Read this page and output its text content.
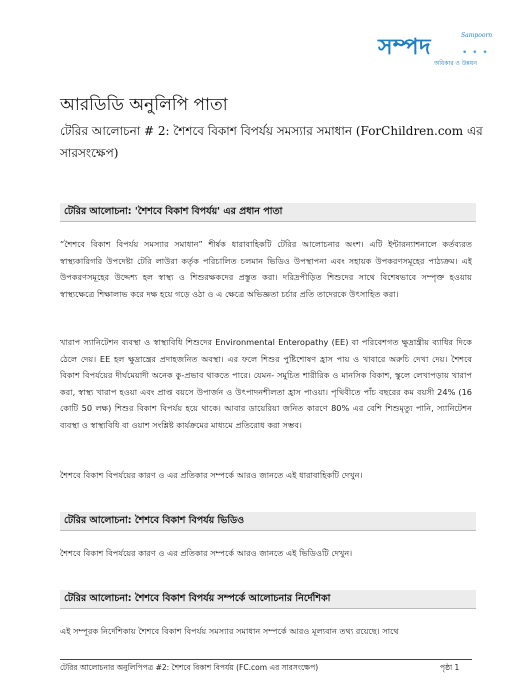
সম্পদ	Sampoorn
• • •
অধিকার ও উন্নয়ন
আরডিডি অনুলিপি পাতা
টেরির আলোচনা # 2: শৈশবে বিকাশ বিপর্যয় সমস্যার সমাধান (ForChildren.com এর সারসংক্ষেপ)
টেরির আলোচনা: 'শৈশবে বিকাশ বিপর্যয়' এর প্রধান পাতা

“শৈশবে বিকাশ বিপর্যয় সমস্যার সমাধান” শীর্ষক ধারাবাহিকটি টেরির আলোচনার অংশ। এটি ইন্টারন্যাশনালে কর্তব্যরত স্বাস্থ্যকারিগরি উপদেষ্টা টেরি লাউরা কর্তৃক পরিচালিত চলমান ভিডিও উপস্থাপনা এবং সহায়ক উপকরণসমূহের পাঠ্যক্রম। এই উপকরণসমূহের উদ্দেশ্য হল স্বাস্থ্য ও শিশুরক্ষকদের প্রস্তুত করা। দরিদ্রপীড়িত শিশুদের সাথে বিশেষভাবে সম্পৃক্ত হওয়ায় স্বাস্থ্যক্ষেত্রে শিক্ষালাভ করে দক্ষ হয়ে গড়ে ওঠা ও এ ক্ষেত্রে অভিজ্ঞতা চর্চার প্রতি তাদেরকে উৎসাহিত করা।

খারাপ স্যানিটেশন ব্যবস্থা ও স্বাস্থ্যবিধি শিশুদের Environmental Enteropathy (EE) বা পরিবেশগত ক্ষুদ্রান্ত্রীয় ব্যাধির দিকে ঠেলে দেয়। EE হল ক্ষুদ্রান্ত্রের প্রদাহজনিত অবস্থা। এর ফলে শিশুর পুষ্টিশোষণ হ্রাস পায় ও খাবারে অরুচি দেখা দেয়। শৈশবে বিকাশ বিপর্যয়ের দীর্ঘমেয়াদী অনেক কু-প্রভাব থাকতে পারে। যেমন- সমুচিত শারীরিক ও মানসিক বিকাশ, স্কুলে লেখাপড়ায় খারাপ করা, স্বাস্থ্য খারাপ হওয়া এবং প্রাপ্ত বয়সে উপার্জন ও উৎপাদনশীলতা হ্রাস পাওয়া। পৃথিবীতে পাঁচ বছরের কম বয়সী 24% (16 কোটি 50 লক্ষ) শিশুর বিকাশ বিপর্যয় হয়ে থাকে। আবার ডায়েরিয়া জনিত কারণে 80% এর বেশি শিশুমৃত্যু পানি, স্যানিটেশন ব্যবস্থা ও স্বাস্থ্যবিধি বা ওয়াশ সংশ্লিষ্ট কার্যক্রমের মাধ্যমে প্রতিরোধ করা সম্ভব।

শৈশবে বিকাশ বিপর্যয়ের কারণ ও এর প্রতিকার সম্পর্কে আরও জানতে এই ধারাবাহিকটি দেখুন।

টেরির আলোচনা: শৈশবে বিকাশ বিপর্যয় ভিডিও

শৈশবে বিকাশ বিপর্যয়ের কারণ ও এর প্রতিকার সম্পর্কে আরও জানতে এই ভিডিওটি দেখুন।

টেরির আলোচনা: শৈশবে বিকাশ বিপর্যয় সম্পর্কে আলোচনার নির্দেশিকা

এই সম্পূরক নির্দেশিকায় শৈশবে বিকাশ বিপর্যয় সমস্যার সমাধান সম্পর্কে আরও মূল্যবান তথ্য রয়েছে। সাথে

টেরির আলোচনার অনুলিপিপত্র #2: শৈশবে বিকাশ বিপর্যয় (FC.com এর সারসংক্ষেপ)	পৃষ্ঠা 1
